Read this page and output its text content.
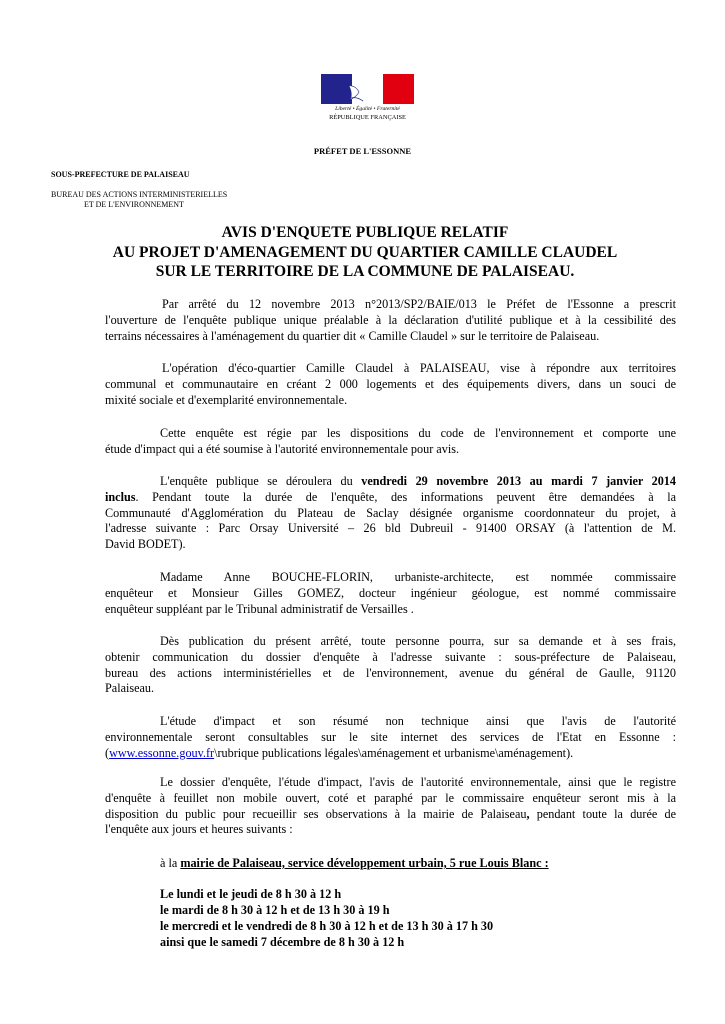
Liberté • Égalité • Fraternité
RÉPUBLIQUE FRANÇAISE
PRÉFET DE L'ESSONNE
SOUS-PREFECTURE DE PALAISEAU
BUREAU DES ACTIONS INTERMINISTERIELLES
ET DE L'ENVIRONNEMENT
AVIS D'ENQUETE PUBLIQUE RELATIF
AU PROJET D'AMENAGEMENT DU QUARTIER CAMILLE CLAUDEL
SUR LE TERRITOIRE DE LA COMMUNE DE PALAISEAU.
Par arrêté du 12 novembre 2013 n°2013/SP2/BAIE/013 le Préfet de l'Essonne a prescrit
l'ouverture de l'enquête publique unique préalable à la déclaration d'utilité publique et à la cessibilité des
terrains nécessaires à l'aménagement du quartier dit « Camille Claudel » sur le territoire de Palaiseau.
L'opération d'éco-quartier Camille Claudel à PALAISEAU, vise à répondre aux territoires
communal et communautaire en créant 2 000 logements et des équipements divers, dans un souci de
mixité sociale et d'exemplarité environnementale.
Cette enquête est régie par les dispositions du code de l'environnement et comporte une
étude d'impact qui a été soumise à l'autorité environnementale pour avis.
L'enquête publique se déroulera du vendredi 29 novembre 2013 au mardi 7 janvier 2014
inclus. Pendant toute la durée de l'enquête, des informations peuvent être demandées à la
Communauté d'Agglomération du Plateau de Saclay désignée organisme coordonnateur du projet, à
l'adresse suivante : Parc Orsay Université – 26 bld Dubreuil - 91400 ORSAY (à l'attention de M.
David BODET).
Madame Anne BOUCHE-FLORIN, urbaniste-architecte, est nommée commissaire
enquêteur et Monsieur Gilles GOMEZ, docteur ingénieur géologue, est nommé commissaire
enquêteur suppléant par le Tribunal administratif de Versailles .
Dès publication du présent arrêté, toute personne pourra, sur sa demande et à ses frais,
obtenir communication du dossier d'enquête à l'adresse suivante : sous-préfecture de Palaiseau,
bureau des actions interministérielles et de l'environnement, avenue du général de Gaulle, 91120
Palaiseau.
L'étude d'impact et son résumé non technique ainsi que l'avis de l'autorité
environnementale seront consultables sur le site internet des services de l'Etat en Essonne :
(www.essonne.gouv.fr\rubrique publications légales\aménagement et urbanisme\aménagement).
Le dossier d'enquête, l'étude d'impact, l'avis de l'autorité environnementale, ainsi que le registre
d'enquête à feuillet non mobile ouvert, coté et paraphé par le commissaire enquêteur seront mis à la
disposition du public pour recueillir ses observations à la mairie de Palaiseau, pendant toute la durée de
l'enquête aux jours et heures suivants :
à la mairie de Palaiseau, service développement urbain, 5 rue Louis Blanc :
Le lundi et le jeudi de 8 h 30 à 12 h
le mardi de 8 h 30 à 12 h et de 13 h 30 à 19 h
le mercredi et le vendredi de 8 h 30 à 12 h et de 13 h 30 à 17 h 30
ainsi que le samedi 7 décembre de 8 h 30 à 12 h
